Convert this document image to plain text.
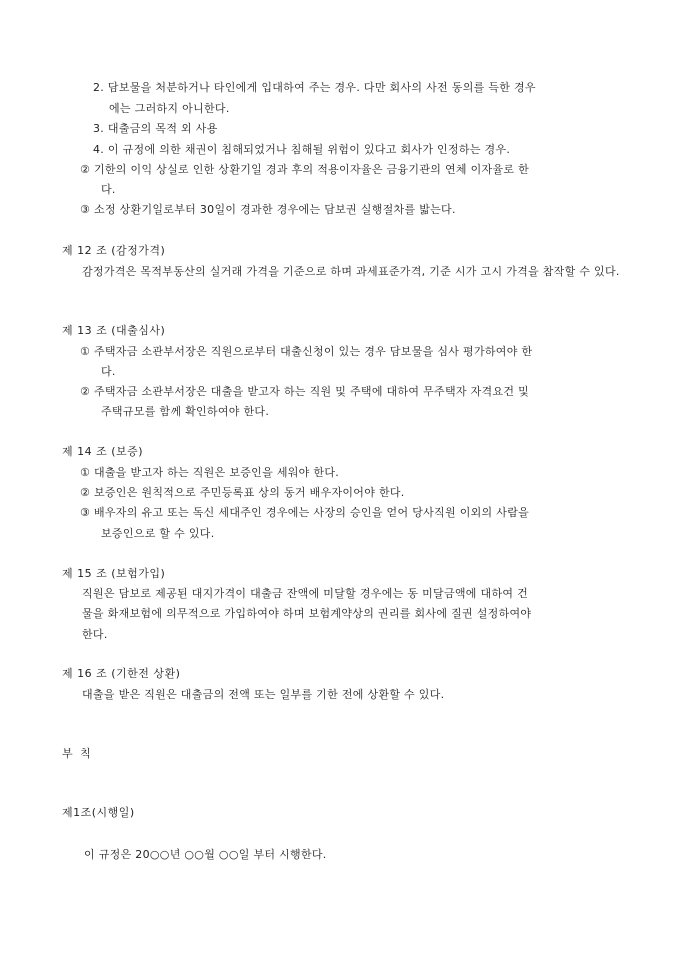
2. 담보물을 처분하거나 타인에게 입대하여 주는 경우. 다만 회사의 사전 동의를 득한 경우
에는 그러하지 아니한다.
3. 대출금의 목적 외 사용
4. 이 규정에 의한 채권이 침해되었거나 침해될 위험이 있다고 회사가 인정하는 경우.
② 기한의 이익 상실로 인한 상환기일 경과 후의 적용이자율은 금융기관의 연체 이자율로 한
다.
③ 소정 상환기일로부터 30일이 경과한 경우에는 담보권 실행절차를 밟는다.
제 12 조 (감정가격)
감정가격은 목적부동산의 실거래 가격을 기준으로 하며 과세표준가격, 기준 시가 고시 가격을 참작할 수 있다.
제 13 조 (대출심사)
① 주택자금 소관부서장은 직원으로부터 대출신청이 있는 경우 담보물을 심사 평가하여야 한
다.
② 주택자금 소관부서장은 대출을 받고자 하는 직원 및 주택에 대하여 무주택자 자격요건 및
주택규모를 함께 확인하여야 한다.
제 14 조 (보증)
① 대출을 받고자 하는 직원은 보증인을 세워야 한다.
② 보증인은 원칙적으로 주민등록표 상의 동거 배우자이어야 한다.
③ 배우자의 유고 또는 독신 세대주인 경우에는 사장의 승인을 얻어 당사직원 이외의 사람을
보증인으로 할 수 있다.
제 15 조 (보험가입)
직원은 담보로 제공된 대지가격이 대출금 잔액에 미달할 경우에는 동 미달금액에 대하여 건
물을 화재보험에 의무적으로 가입하여야 하며 보험계약상의 권리를 회사에 질권 설정하여야
한다.
제 16 조 (기한전 상환)
대출을 받은 직원은 대출금의 전액 또는 일부를 기한 전에 상환할 수 있다.
부 칙
제1조(시행일)
이 규정은 20○○년 ○○월 ○○일 부터 시행한다.
